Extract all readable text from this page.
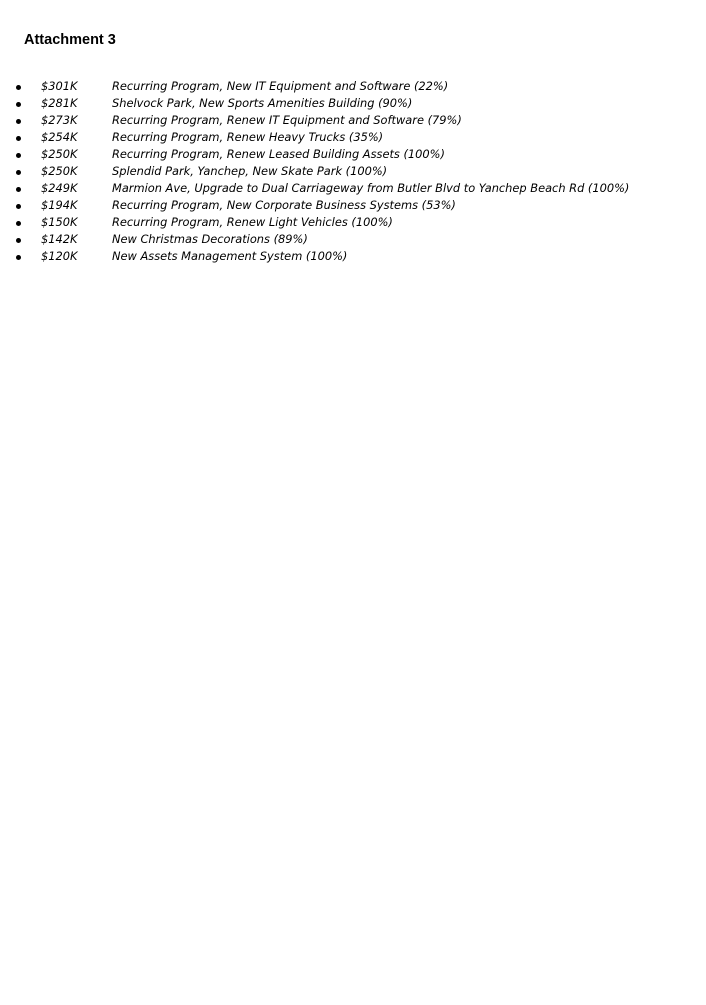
Attachment 3
$301K	Recurring Program, New IT Equipment and Software (22%)
$281K	Shelvock Park, New Sports Amenities Building (90%)
$273K	Recurring Program, Renew IT Equipment and Software (79%)
$254K	Recurring Program, Renew Heavy Trucks (35%)
$250K	Recurring Program, Renew Leased Building Assets (100%)
$250K	Splendid Park, Yanchep, New Skate Park (100%)
$249K	Marmion Ave, Upgrade to Dual Carriageway from Butler Blvd to Yanchep Beach Rd (100%)
$194K	Recurring Program, New Corporate Business Systems (53%)
$150K	Recurring Program, Renew Light Vehicles (100%)
$142K	New Christmas Decorations (89%)
$120K	New Assets Management System (100%)
